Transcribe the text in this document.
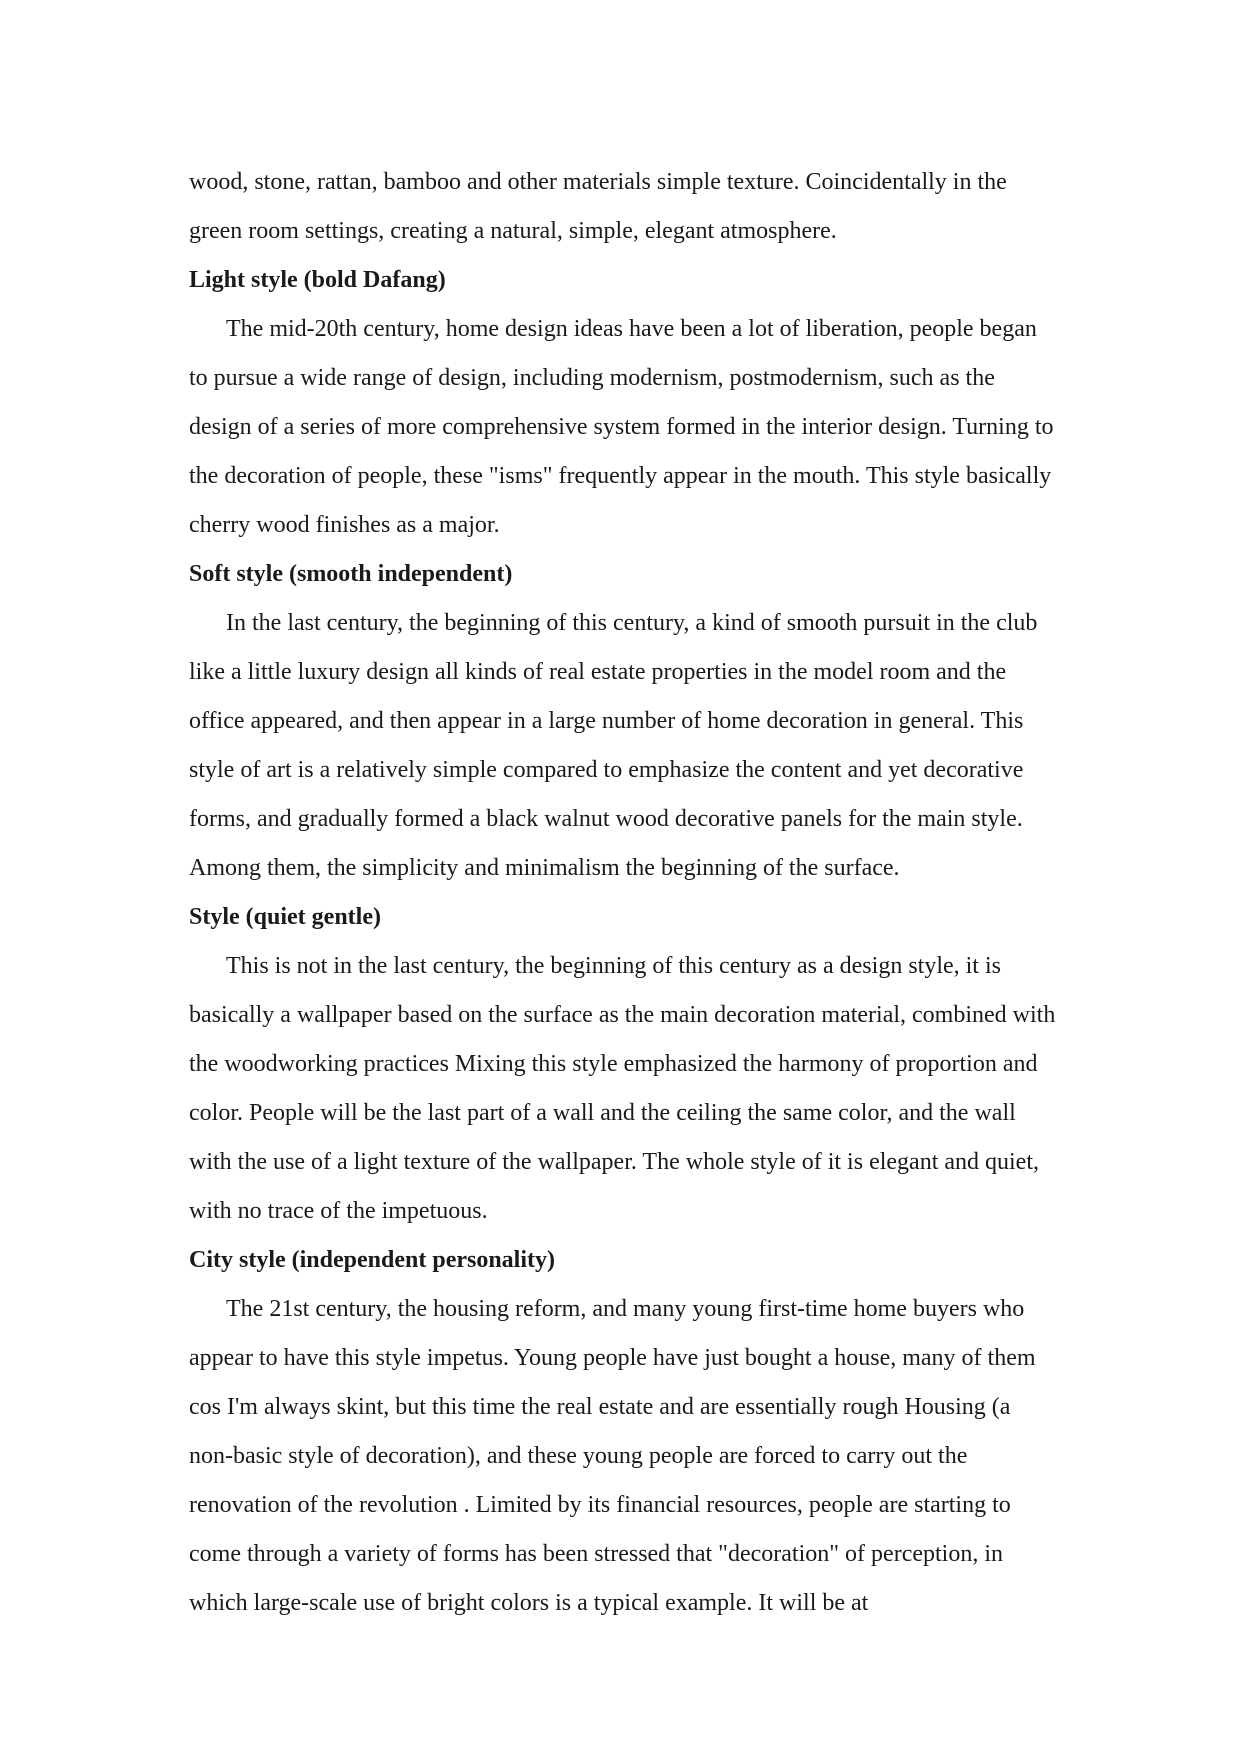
wood, stone, rattan, bamboo and other materials simple texture. Coincidentally in the green room settings, creating a natural, simple, elegant atmosphere.

Light style (bold Dafang)

The mid-20th century, home design ideas have been a lot of liberation, people began to pursue a wide range of design, including modernism, postmodernism, such as the design of a series of more comprehensive system formed in the interior design. Turning to the decoration of people, these "isms" frequently appear in the mouth. This style basically cherry wood finishes as a major.

Soft style (smooth independent)

In the last century, the beginning of this century, a kind of smooth pursuit in the club like a little luxury design all kinds of real estate properties in the model room and the office appeared, and then appear in a large number of home decoration in general. This style of art is a relatively simple compared to emphasize the content and yet decorative forms, and gradually formed a black walnut wood decorative panels for the main style. Among them, the simplicity and minimalism the beginning of the surface.

Style (quiet gentle)

This is not in the last century, the beginning of this century as a design style, it is basically a wallpaper based on the surface as the main decoration material, combined with the woodworking practices Mixing this style emphasized the harmony of proportion and color. People will be the last part of a wall and the ceiling the same color, and the wall with the use of a light texture of the wallpaper. The whole style of it is elegant and quiet, with no trace of the impetuous.

City style (independent personality)

The 21st century, the housing reform, and many young first-time home buyers who appear to have this style impetus. Young people have just bought a house, many of them cos I'm always skint, but this time the real estate and are essentially rough Housing (a non-basic style of decoration), and these young people are forced to carry out the renovation of the revolution . Limited by its financial resources, people are starting to come through a variety of forms has been stressed that "decoration" of perception, in which large-scale use of bright colors is a typical example. It will be at
